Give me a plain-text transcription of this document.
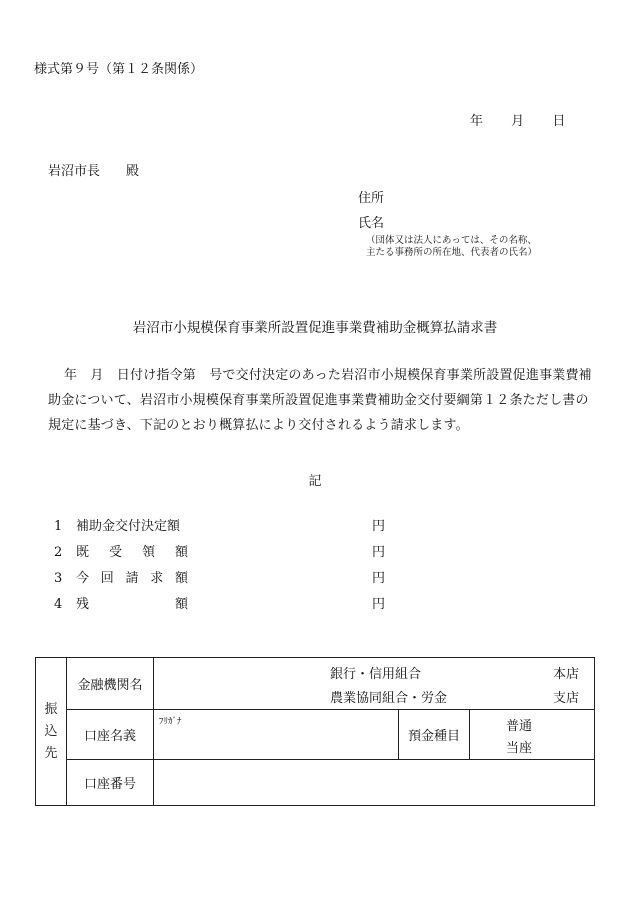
様式第９号（第１２条関係）
年 月 日
岩沼市長　　殿
住所
氏名
（団体又は法人にあっては、その名称、
主たる事務所の所在地、代表者の氏名）
岩沼市小規模保育事業所設置促進事業費補助金概算払請求書
年　月　日付け指令第　号で交付決定のあった岩沼市小規模保育事業所設置促進事業費補助金について、岩沼市小規模保育事業所設置促進事業費補助金交付要綱第１２条ただし書の規定に基づき、下記のとおり概算払により交付されるよう請求します。
記
1 補助金交付決定額	円
2 既 受 領 額	円
3 今 回 請 求 額	円
4 残	額	円
振
込
先	金融機関名	銀行・信用組合 本店
農業協同組合・労金 支店		

	口座名義	ﾌﾘｶﾞﾅ	預金種目	普通
当座

	口座番号			
